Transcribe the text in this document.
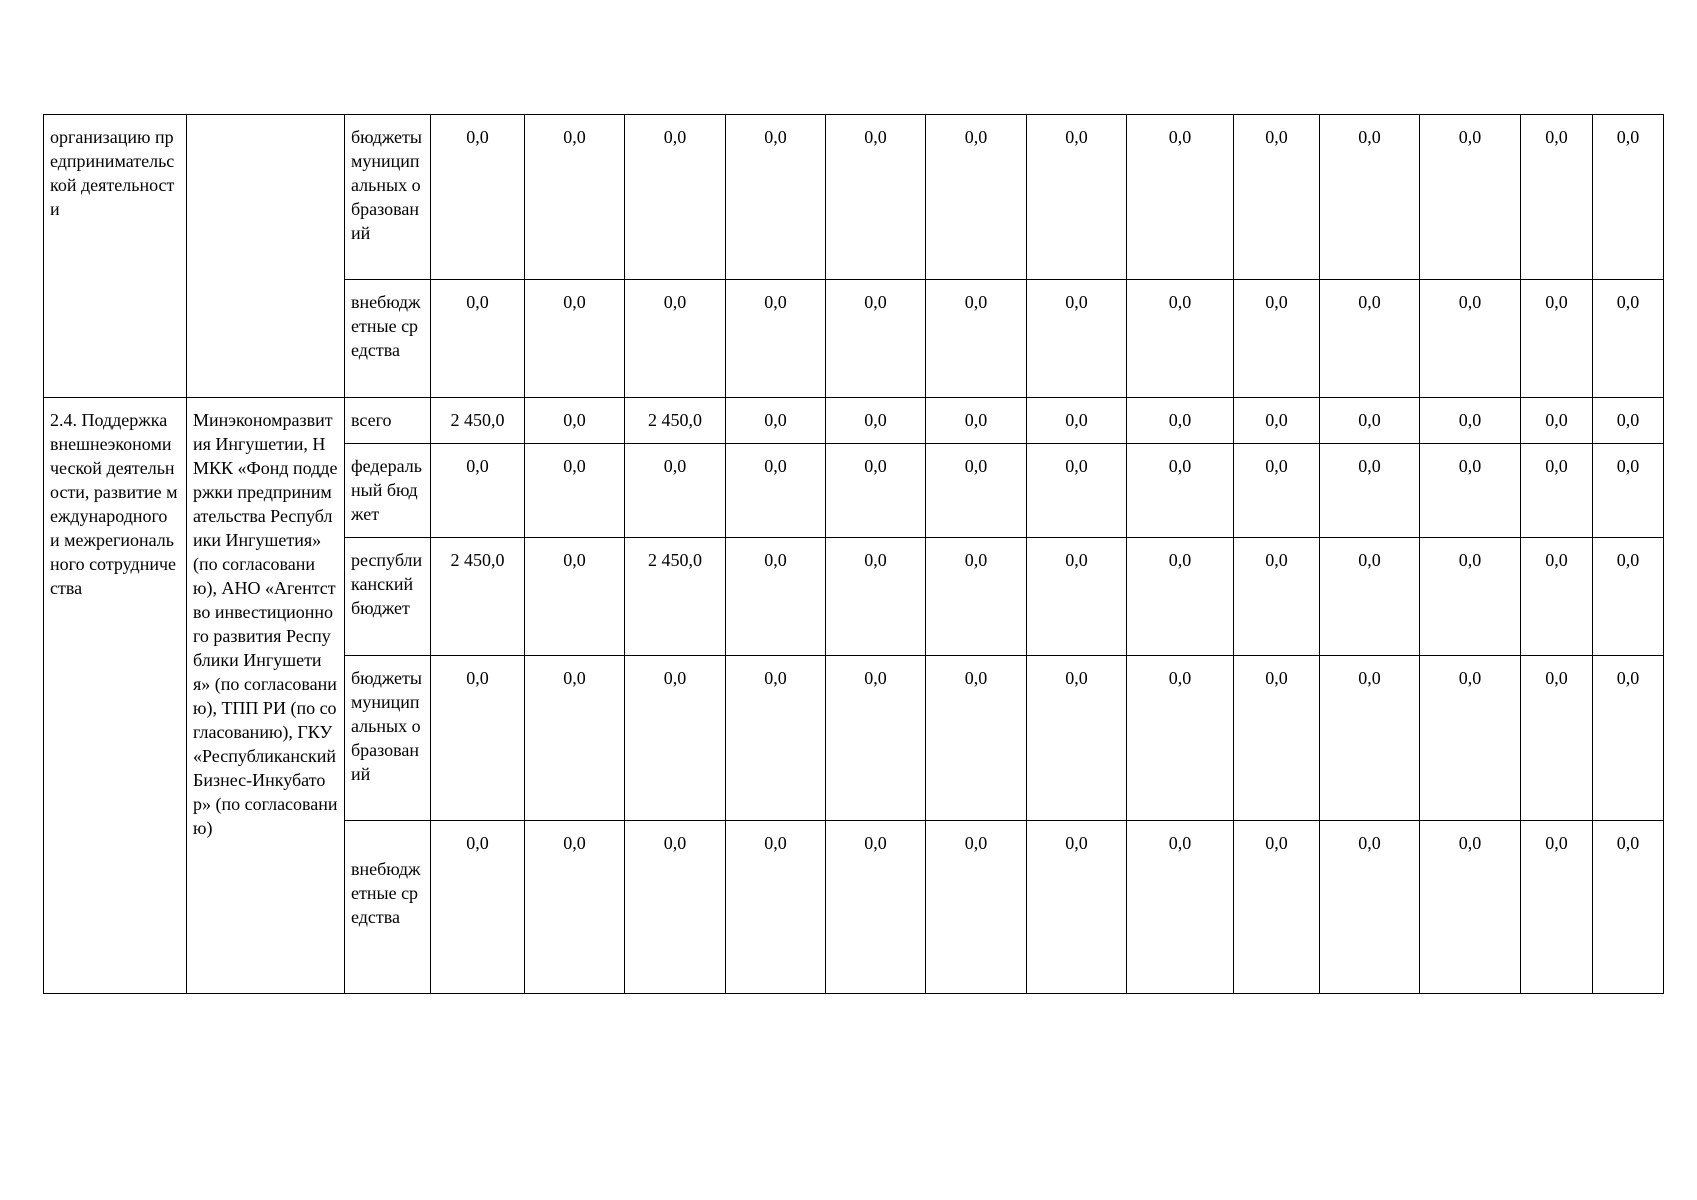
организацию предпринимательской деятельности		бюджеты муниципальных образований	0,0	0,0	0,0	0,0	0,0	0,0	0,0	0,0	0,0	0,0	0,0	0,0	0,0
		внебюджетные средства	0,0	0,0	0,0	0,0	0,0	0,0	0,0	0,0	0,0	0,0	0,0	0,0	0,0
2.4. Поддержка внешнеэкономической деятельности, развитие международного и межрегионального сотрудничества	Минэкономразвития Ингушетии, НМКК «Фонд поддержки предпринимательства Республики Ингушетия» (по согласованию), АНО «Агентство инвестиционного развития Республики Ингушетия» (по согласованию), ТПП РИ (по согласованию), ГКУ «Республиканский Бизнес-Инкубатор» (по согласованию)	всего	2 450,0	0,0	2 450,0	0,0	0,0	0,0	0,0	0,0	0,0	0,0	0,0	0,0	0,0
		федеральный бюджет	0,0	0,0	0,0	0,0	0,0	0,0	0,0	0,0	0,0	0,0	0,0	0,0	0,0
		республиканский бюджет	2 450,0	0,0	2 450,0	0,0	0,0	0,0	0,0	0,0	0,0	0,0	0,0	0,0	0,0
		бюджеты муниципальных образований	0,0	0,0	0,0	0,0	0,0	0,0	0,0	0,0	0,0	0,0	0,0	0,0	0,0
		внебюджетные средства	0,0	0,0	0,0	0,0	0,0	0,0	0,0	0,0	0,0	0,0	0,0	0,0	0,0
